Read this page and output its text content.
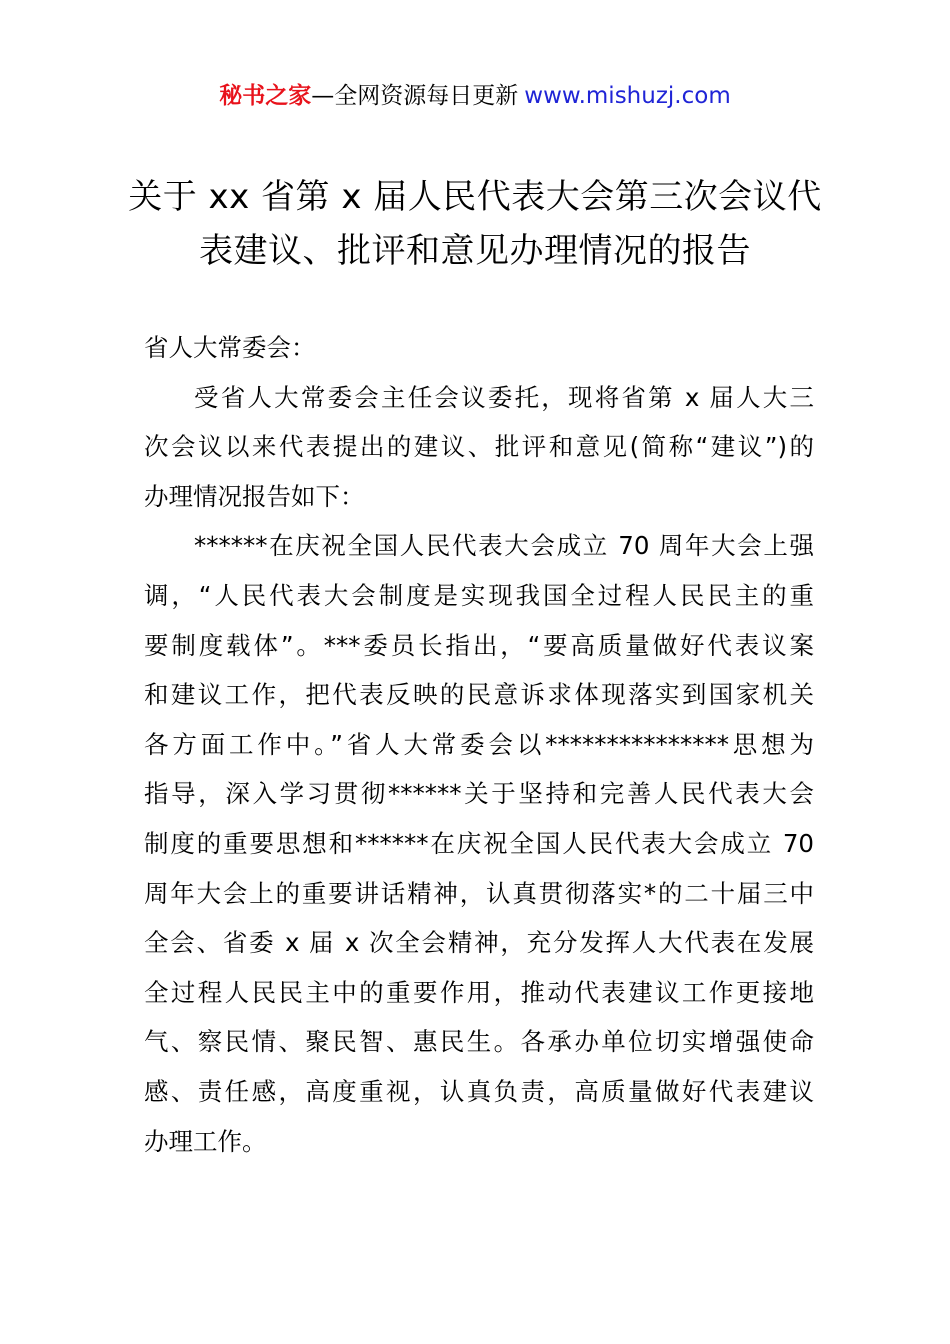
秘书之家—全网资源每日更新 www.mishuzj.com
关于 xx 省第 x 届人民代表大会第三次会议代
表建议、批评和意见办理情况的报告
省人大常委会：
受省人大常委会主任会议委托，现将省第 x 届人大三
次会议以来代表提出的建议、批评和意见(简称“建议”)的
办理情况报告如下：
******在庆祝全国人民代表大会成立 70 周年大会上强
调，“人民代表大会制度是实现我国全过程人民民主的重
要制度载体”。***委员长指出，“要高质量做好代表议案
和建议工作，把代表反映的民意诉求体现落实到国家机关
各方面工作中。”省人大常委会以***************思想为
指导，深入学习贯彻******关于坚持和完善人民代表大会
制度的重要思想和******在庆祝全国人民代表大会成立 70
周年大会上的重要讲话精神，认真贯彻落实*的二十届三中
全会、省委 x 届 x 次全会精神，充分发挥人大代表在发展
全过程人民民主中的重要作用，推动代表建议工作更接地
气、察民情、聚民智、惠民生。各承办单位切实增强使命
感、责任感，高度重视，认真负责，高质量做好代表建议
办理工作。
